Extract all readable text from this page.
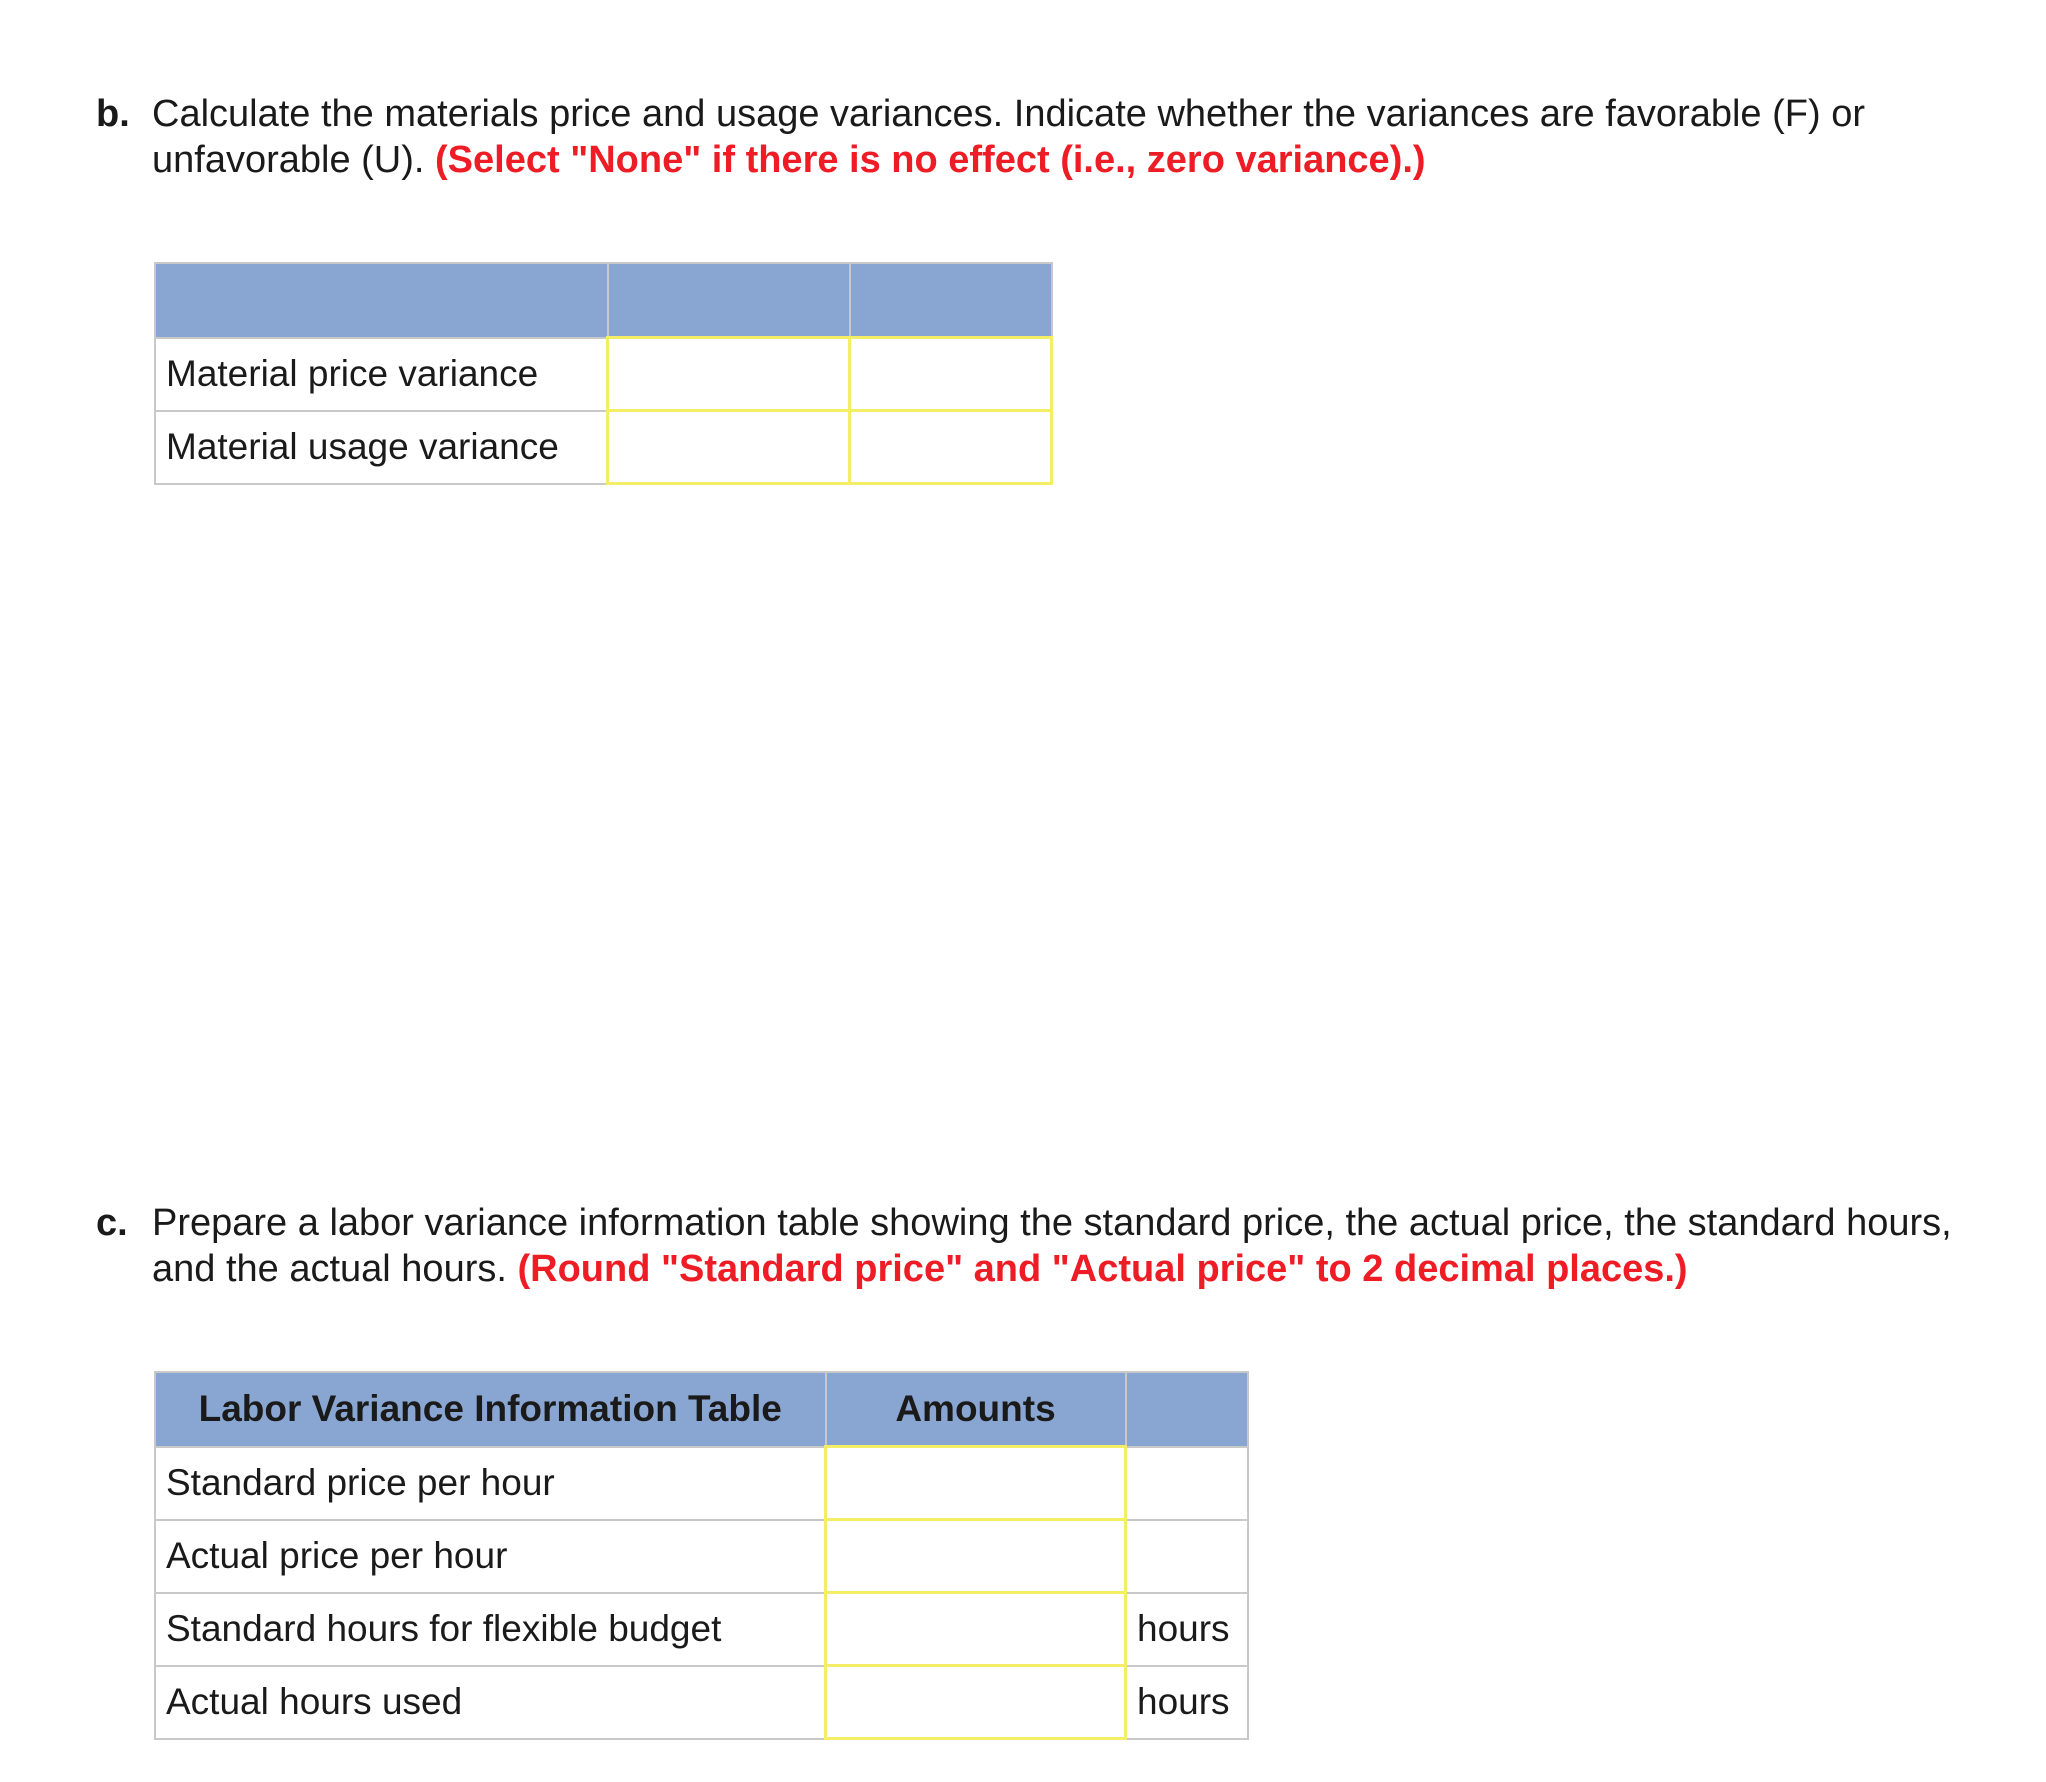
b. Calculate the materials price and usage variances. Indicate whether the variances are favorable (F) or unfavorable (U). (Select "None" if there is no effect (i.e., zero variance).)

Material price variance	

Material usage variance	

c. Prepare a labor variance information table showing the standard price, the actual price, the standard hours, and the actual hours. (Round "Standard price" and "Actual price" to 2 decimal places.)
Labor Variance Information Table	Amounts	
Standard price per hour	

Actual price per hour	

Standard hours for flexible budget		hours
Actual hours used		hours
